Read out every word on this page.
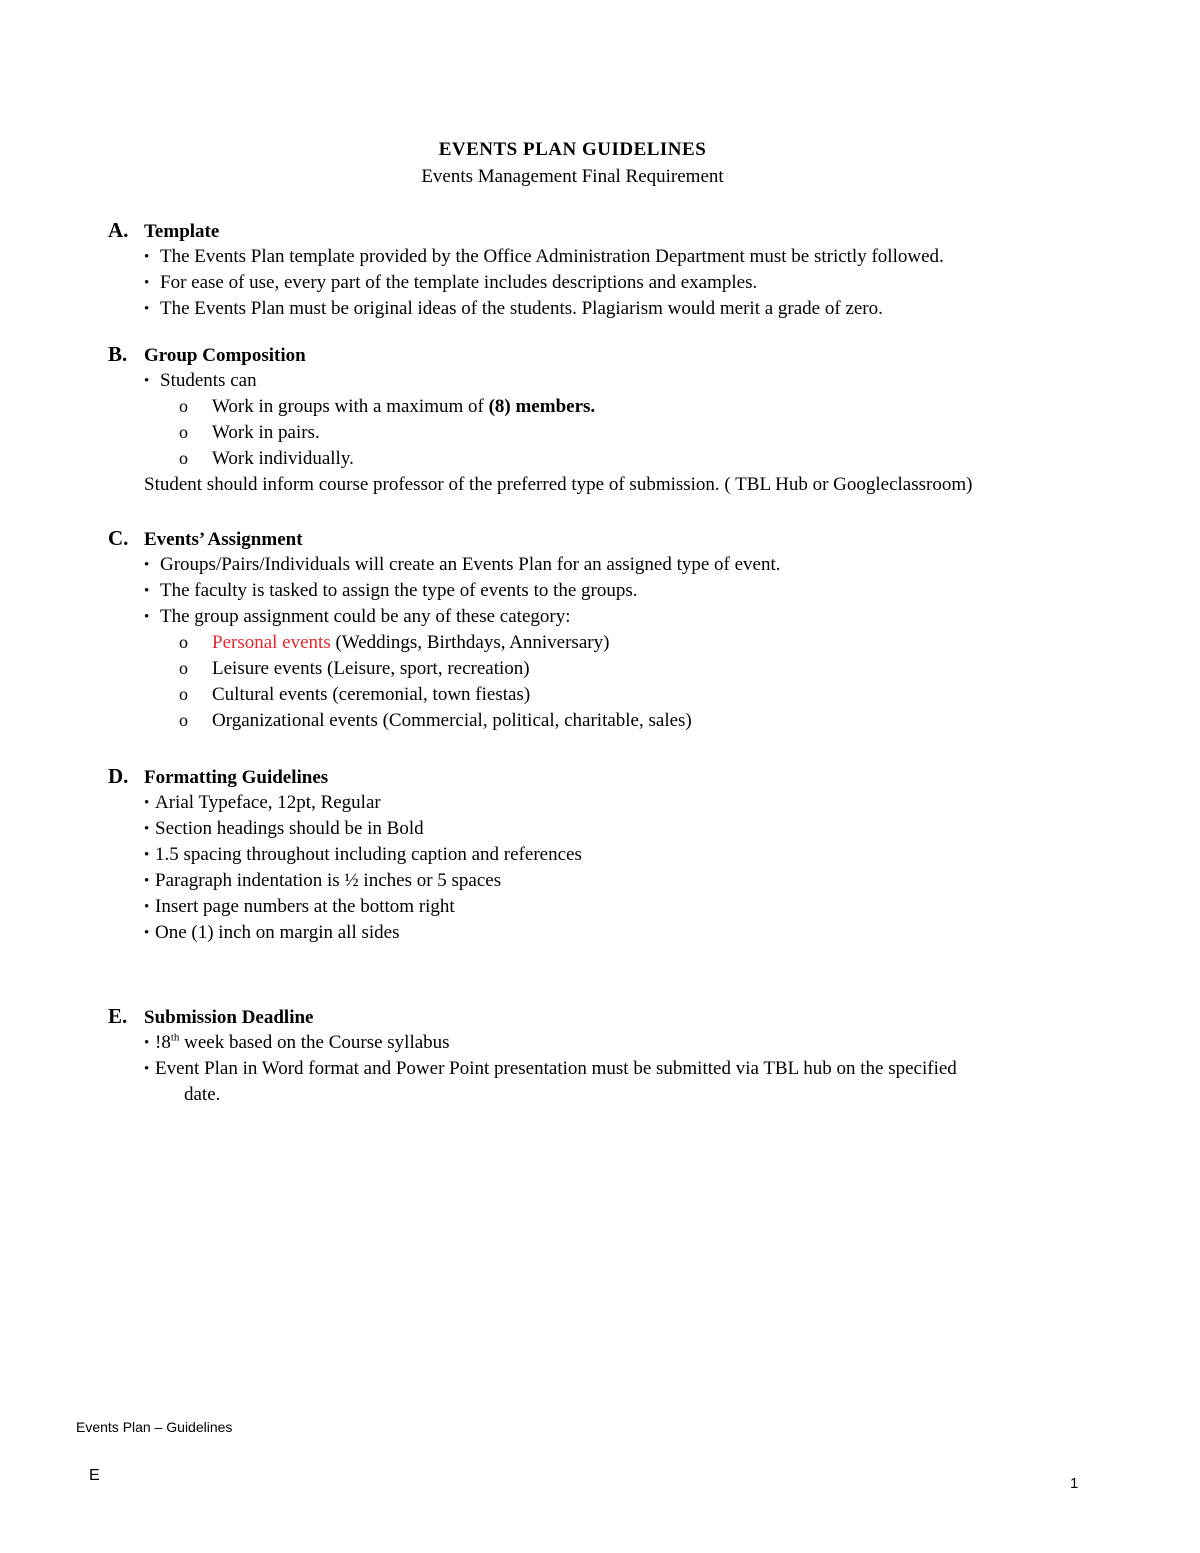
EVENTS PLAN GUIDELINES
Events Management Final Requirement
A. Template
• The Events Plan template provided by the Office Administration Department must be strictly followed.
• For ease of use, every part of the template includes descriptions and examples.
• The Events Plan must be original ideas of the students. Plagiarism would merit a grade of zero.
B. Group Composition
• Students can
o Work in groups with a maximum of (8) members.
o Work in pairs.
o Work individually.
Student should inform course professor of the preferred type of submission. ( TBL Hub or Googleclassroom)
C. Events’ Assignment
• Groups/Pairs/Individuals will create an Events Plan for an assigned type of event.
• The faculty is tasked to assign the type of events to the groups.
• The group assignment could be any of these category:
o Personal events (Weddings, Birthdays, Anniversary)
o Leisure events (Leisure, sport, recreation)
o Cultural events (ceremonial, town fiestas)
o Organizational events (Commercial, political, charitable, sales)
D. Formatting Guidelines
• Arial Typeface, 12pt, Regular
• Section headings should be in Bold
• 1.5 spacing throughout including caption and references
• Paragraph indentation is ½ inches or 5 spaces
• Insert page numbers at the bottom right
• One (1) inch on margin all sides
E. Submission Deadline
• !8th week based on the Course syllabus
• Event Plan in Word format and Power Point presentation must be submitted via TBL hub on the specified
date.
Events Plan – Guidelines
E	1
